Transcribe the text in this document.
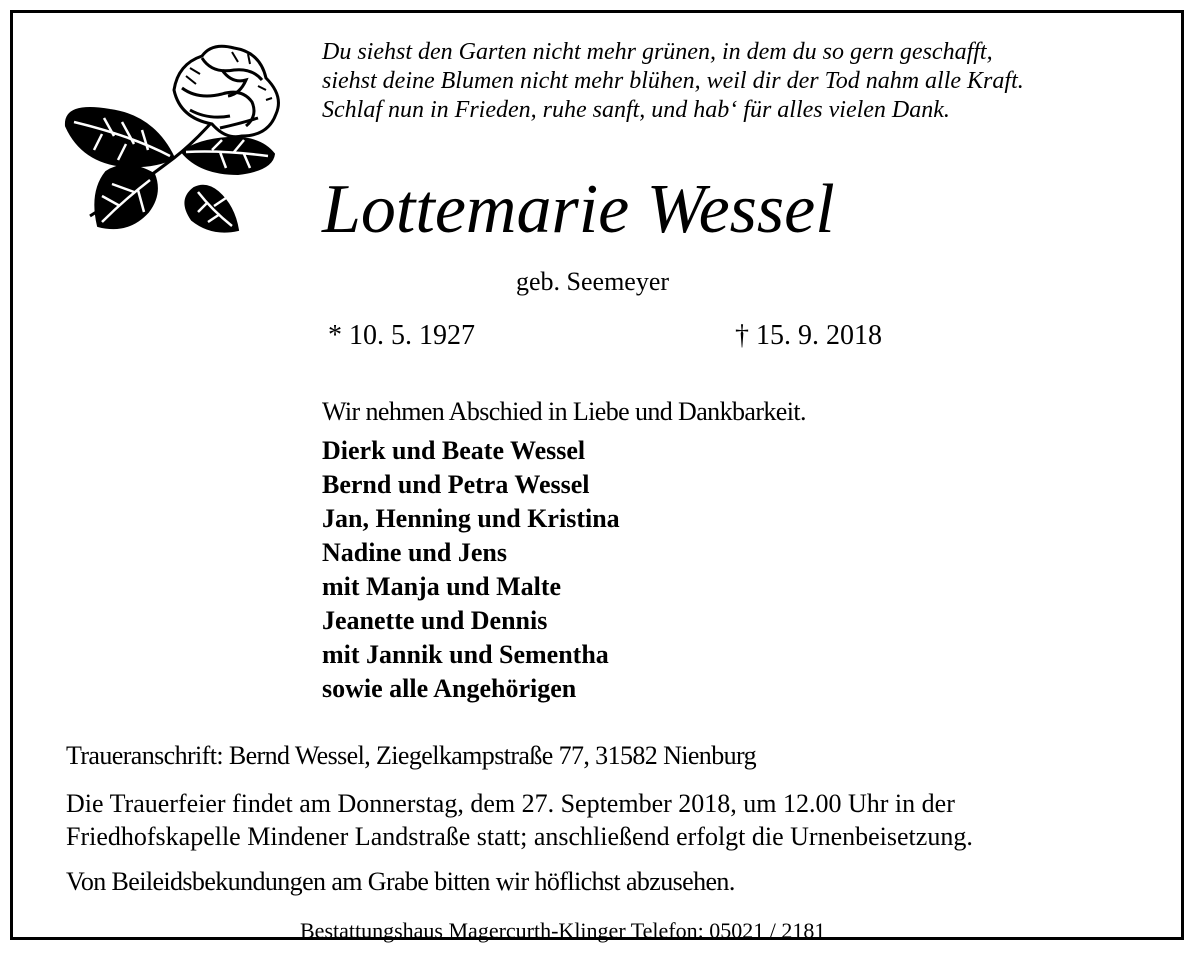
Du siehst den Garten nicht mehr grünen, in dem du so gern geschafft,
siehst deine Blumen nicht mehr blühen, weil dir der Tod nahm alle Kraft.
Schlaf nun in Frieden, ruhe sanft, und hab‘ für alles vielen Dank.
Lottemarie Wessel
geb. Seemeyer
* 10. 5. 1927	† 15. 9. 2018
Wir nehmen Abschied in Liebe und Dankbarkeit.
Dierk und Beate Wessel
Bernd und Petra Wessel
Jan, Henning und Kristina
Nadine und Jens
mit Manja und Malte
Jeanette und Dennis
mit Jannik und Sementha
sowie alle Angehörigen
Traueranschrift: Bernd Wessel, Ziegelkampstraße 77, 31582 Nienburg
Die Trauerfeier findet am Donnerstag, dem 27. September 2018, um 12.00 Uhr in der
Friedhofskapelle Mindener Landstraße statt; anschließend erfolgt die Urnenbeisetzung.
Von Beileidsbekundungen am Grabe bitten wir höflichst abzusehen.
Bestattungshaus Magercurth-Klinger Telefon: 05021 / 2181
